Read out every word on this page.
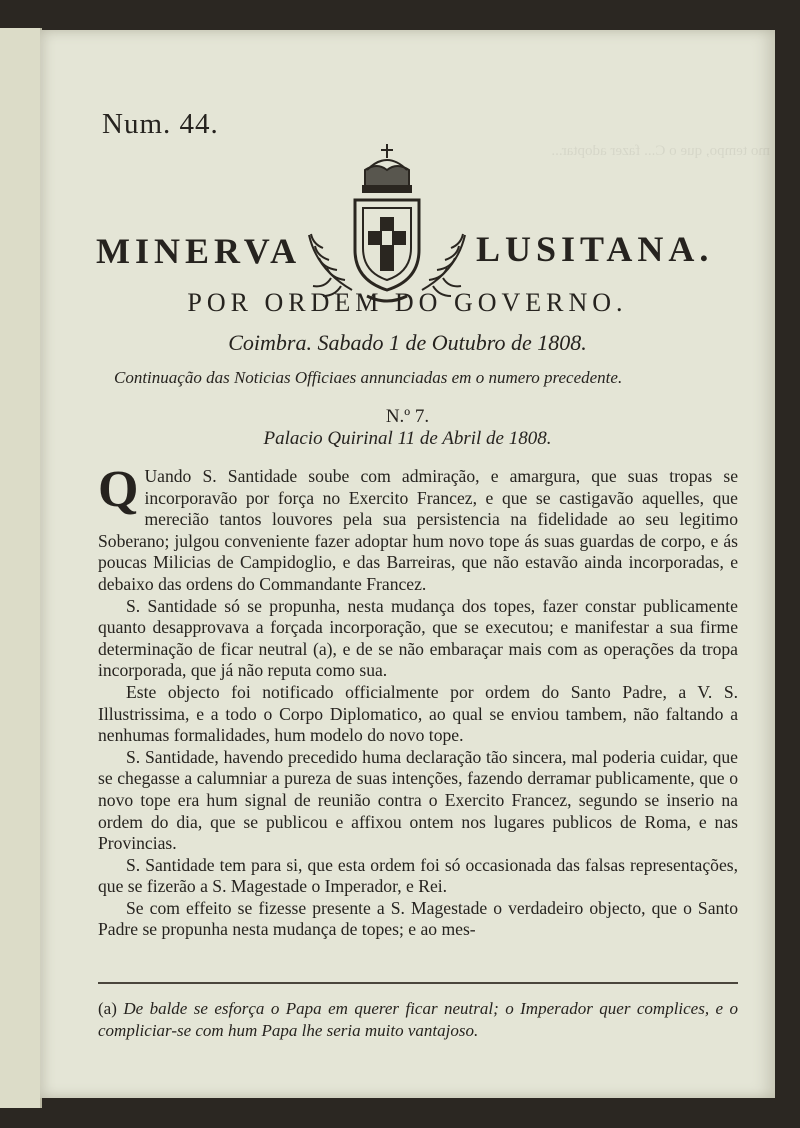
mo tempo, que o C... fazer adoptar...
Num. 44.
MINERVA	LUSITANA.
POR ORDEM DO GOVERNO.
Coimbra. Sabado 1 de Outubro de 1808.
Continuação das Noticias Officiaes annunciadas em o numero precedente.
N.º 7.
Palacio Quirinal 11 de Abril de 1808.

Q Uando S. Santidade soube com admiração, e amargura, que suas tropas se incorporavão por força no Exercito Francez, e que se castigavão aquelles, que merecião tantos louvores pela sua persistencia na fidelidade ao seu legitimo Soberano; julgou conveniente fazer adoptar hum novo tope ás suas guardas de corpo, e ás poucas Milicias de Campidoglio, e das Barreiras, que não estavão ainda incorporadas, e debaixo das ordens do Commandante Francez.

S. Santidade só se propunha, nesta mudança dos topes, fazer constar publicamente quanto desapprovava a forçada incorporação, que se executou; e manifestar a sua firme determinação de ficar neutral (a), e de se não embaraçar mais com as operações da tropa incorporada, que já não reputa como sua.

Este objecto foi notificado officialmente por ordem do Santo Padre, a V. S. Illustrissima, e a todo o Corpo Diplomatico, ao qual se enviou tambem, não faltando a nenhumas formalidades, hum modelo do novo tope.

S. Santidade, havendo precedido huma declaração tão sincera, mal poderia cuidar, que se chegasse a calumniar a pureza de suas intenções, fazendo derramar publicamente, que o novo tope era hum signal de reunião contra o Exercito Francez, segundo se inserio na ordem do dia, que se publicou e affixou ontem nos lugares publicos de Roma, e nas Provincias.

S. Santidade tem para si, que esta ordem foi só occasionada das falsas representações, que se fizerão a S. Magestade o Imperador, e Rei.

Se com effeito se fizesse presente a S. Magestade o verdadeiro objecto, que o Santo Padre se propunha nesta mudança de topes; e ao mes-

(a) De balde se esforça o Papa em querer ficar neutral; o Imperador quer complices, e o compliciar-se com hum Papa lhe seria muito vantajoso.
